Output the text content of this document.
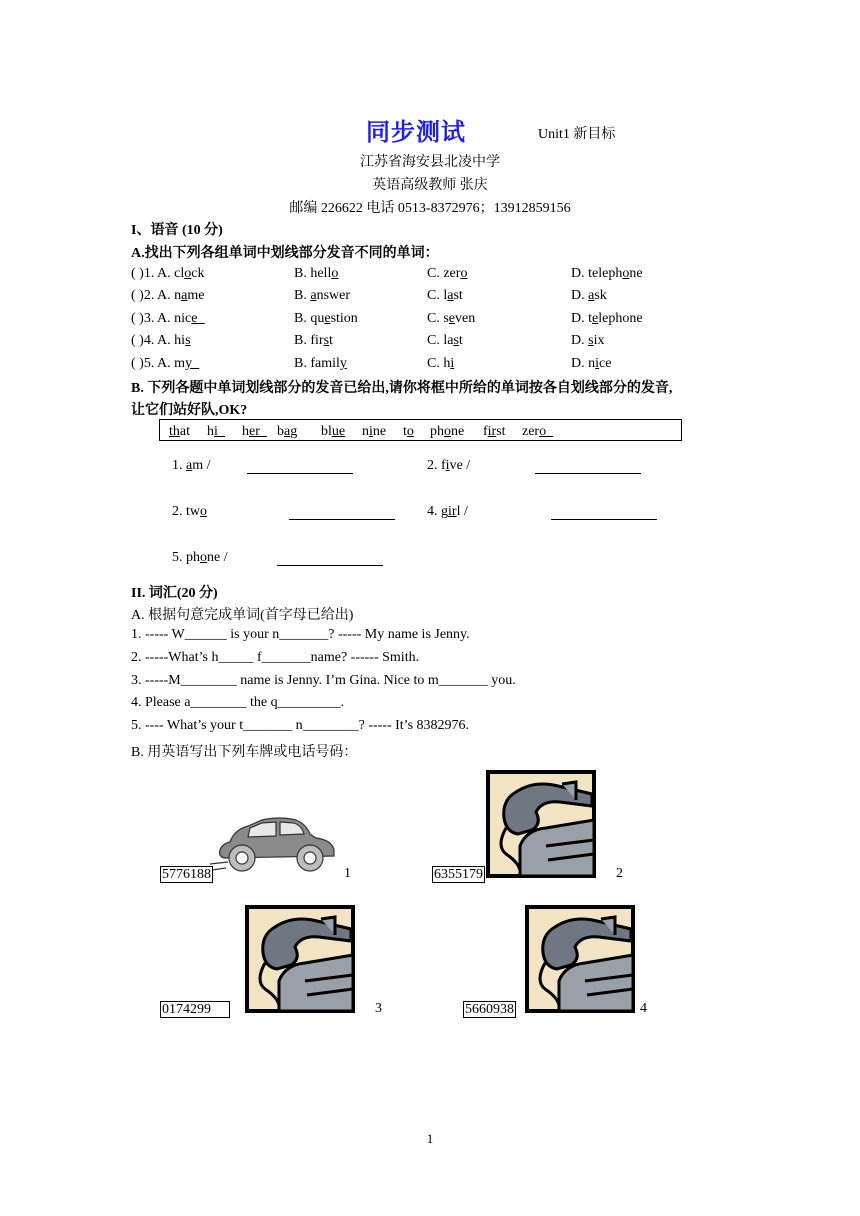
同步测试	Unit1 新目标
江苏省海安县北凌中学
英语高级教师 张庆
邮编 226622 电话 0513-8372976；13912859156
I、语音 (10 分)
A.找出下列各组单词中划线部分发音不同的单词：
( )1. A. clock	B. hello	C. zero	D. telephone
( )2. A. name	B. answer	C. last	D. ask
( )3. A. nice_	B. question	C. seven	D. telephone
( )4. A. his	B. first	C. last	D. six
( )5. A. my_	B. family	C. hi	D. nice
B. 下列各题中单词划线部分的发音已给出,请你将框中所给的单词按各自划线部分的发音,
让它们站好队,OK?
that hi_ her_ bag blue nine to phone first zero_
1. am /	2. five /
2. two	4. girl /
5. phone /
II. 词汇(20 分)
A. 根据句意完成单词(首字母已给出)
1. ----- W______ is your n_______? ----- My name is Jenny.
2. -----What’s h_____ f_______name? ------ Smith.
3. -----M________ name is Jenny. I’m Gina. Nice to m_______ you.
4. Please a________ the q_________.
5. ---- What’s your t_______ n________? ----- It’s 8382976.
B. 用英语写出下列车牌或电话号码：
5776188	1	6355179	2
0174299	3	5660938	4
1
